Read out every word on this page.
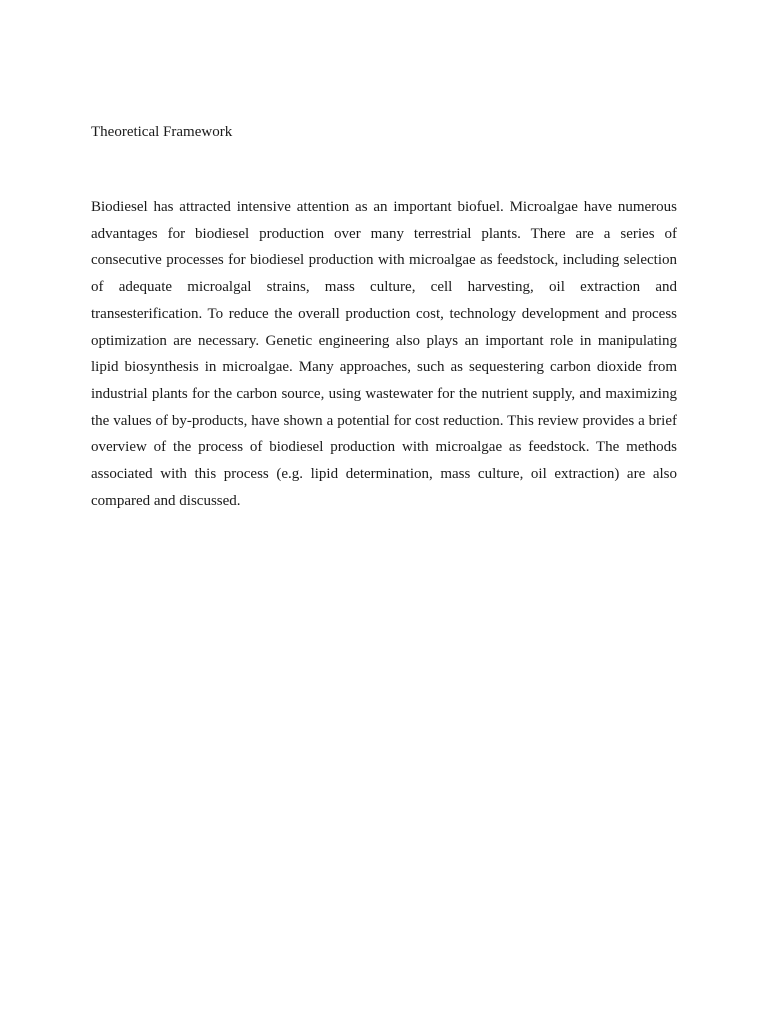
Theoretical Framework

Biodiesel has attracted intensive attention as an important biofuel. Microalgae have numerous advantages for biodiesel production over many terrestrial plants. There are a series of consecutive processes for biodiesel production with microalgae as feedstock, including selection of adequate microalgal strains, mass culture, cell harvesting, oil extraction and transesterification. To reduce the overall production cost, technology development and process optimization are necessary. Genetic engineering also plays an important role in manipulating lipid biosynthesis in microalgae. Many approaches, such as sequestering carbon dioxide from industrial plants for the carbon source, using wastewater for the nutrient supply, and maximizing the values of by-products, have shown a potential for cost reduction. This review provides a brief overview of the process of biodiesel production with microalgae as feedstock. The methods associated with this process (e.g. lipid determination, mass culture, oil extraction) are also compared and discussed.
